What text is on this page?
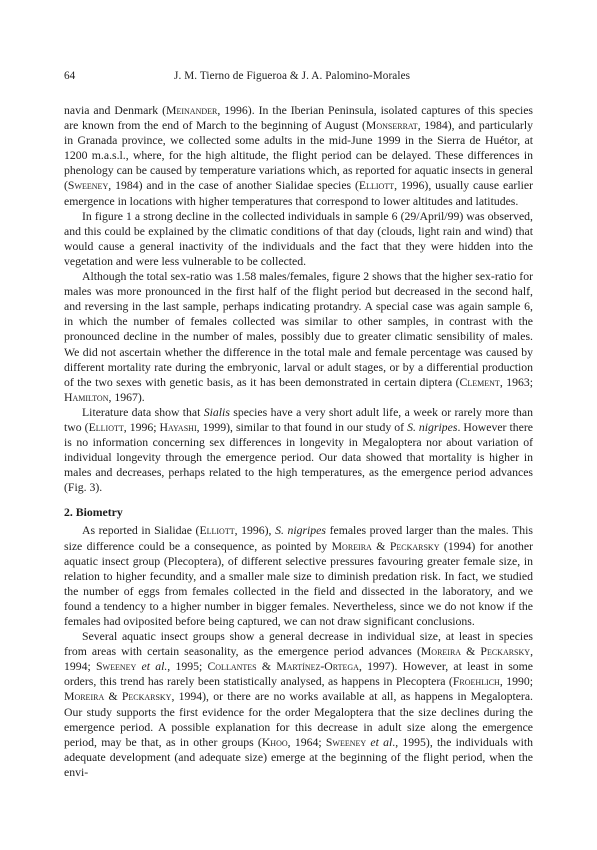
64	J. M. Tierno de Figueroa & J. A. Palomino-Morales

navia and Denmark (Meinander, 1996). In the Iberian Peninsula, isolated captures of this species are known from the end of March to the beginning of August (Monserrat, 1984), and particularly in Granada province, we collected some adults in the mid-June 1999 in the Sierra de Huétor, at 1200 m.a.s.l., where, for the high altitude, the flight period can be delayed. These differences in phenology can be caused by temperature variations which, as reported for aquatic insects in general (Sweeney, 1984) and in the case of another Sialidae species (Elliott, 1996), usually cause earlier emergence in locations with higher temperatures that correspond to lower altitudes and latitudes.

In figure 1 a strong decline in the collected individuals in sample 6 (29/April/99) was observed, and this could be explained by the climatic conditions of that day (clouds, light rain and wind) that would cause a general inactivity of the individuals and the fact that they were hidden into the vegetation and were less vulnerable to be collected.

Although the total sex-ratio was 1.58 males/females, figure 2 shows that the higher sex-ratio for males was more pronounced in the first half of the flight period but decreased in the second half, and reversing in the last sample, perhaps indicating protandry. A special case was again sample 6, in which the number of females collected was similar to other samples, in contrast with the pronounced decline in the number of males, possibly due to greater climatic sensibility of males. We did not ascertain whether the difference in the total male and female percentage was caused by different mortality rate during the embryonic, larval or adult stages, or by a differential production of the two sexes with genetic basis, as it has been demonstrated in certain diptera (Clement, 1963; Hamilton, 1967).

Literature data show that Sialis species have a very short adult life, a week or rarely more than two (Elliott, 1996; Hayashi, 1999), similar to that found in our study of S. nigripes. However there is no information concerning sex differences in longevity in Megaloptera nor about variation of individual longevity through the emergence period. Our data showed that mortality is higher in males and decreases, perhaps related to the high temperatures, as the emergence period advances (Fig. 3).

2. Biometry

As reported in Sialidae (Elliott, 1996), S. nigripes females proved larger than the males. This size difference could be a consequence, as pointed by Moreira & Peckarsky (1994) for another aquatic insect group (Plecoptera), of different selective pressures favouring greater female size, in relation to higher fecundity, and a smaller male size to diminish predation risk. In fact, we studied the number of eggs from females collected in the field and dissected in the laboratory, and we found a tendency to a higher number in bigger females. Nevertheless, since we do not know if the females had oviposited before being captured, we can not draw significant conclusions.

Several aquatic insect groups show a general decrease in individual size, at least in species from areas with certain seasonality, as the emergence period advances (Moreira & Peckarsky, 1994; Sweeney et al., 1995; Collantes & Martínez-Ortega, 1997). However, at least in some orders, this trend has rarely been statistically analysed, as happens in Plecoptera (Froehlich, 1990; Moreira & Peckarsky, 1994), or there are no works available at all, as happens in Megaloptera. Our study supports the first evidence for the order Megaloptera that the size declines during the emergence period. A possible explanation for this decrease in adult size along the emergence period, may be that, as in other groups (Khoo, 1964; Sweeney et al., 1995), the individuals with adequate development (and adequate size) emerge at the beginning of the flight period, when the envi-
